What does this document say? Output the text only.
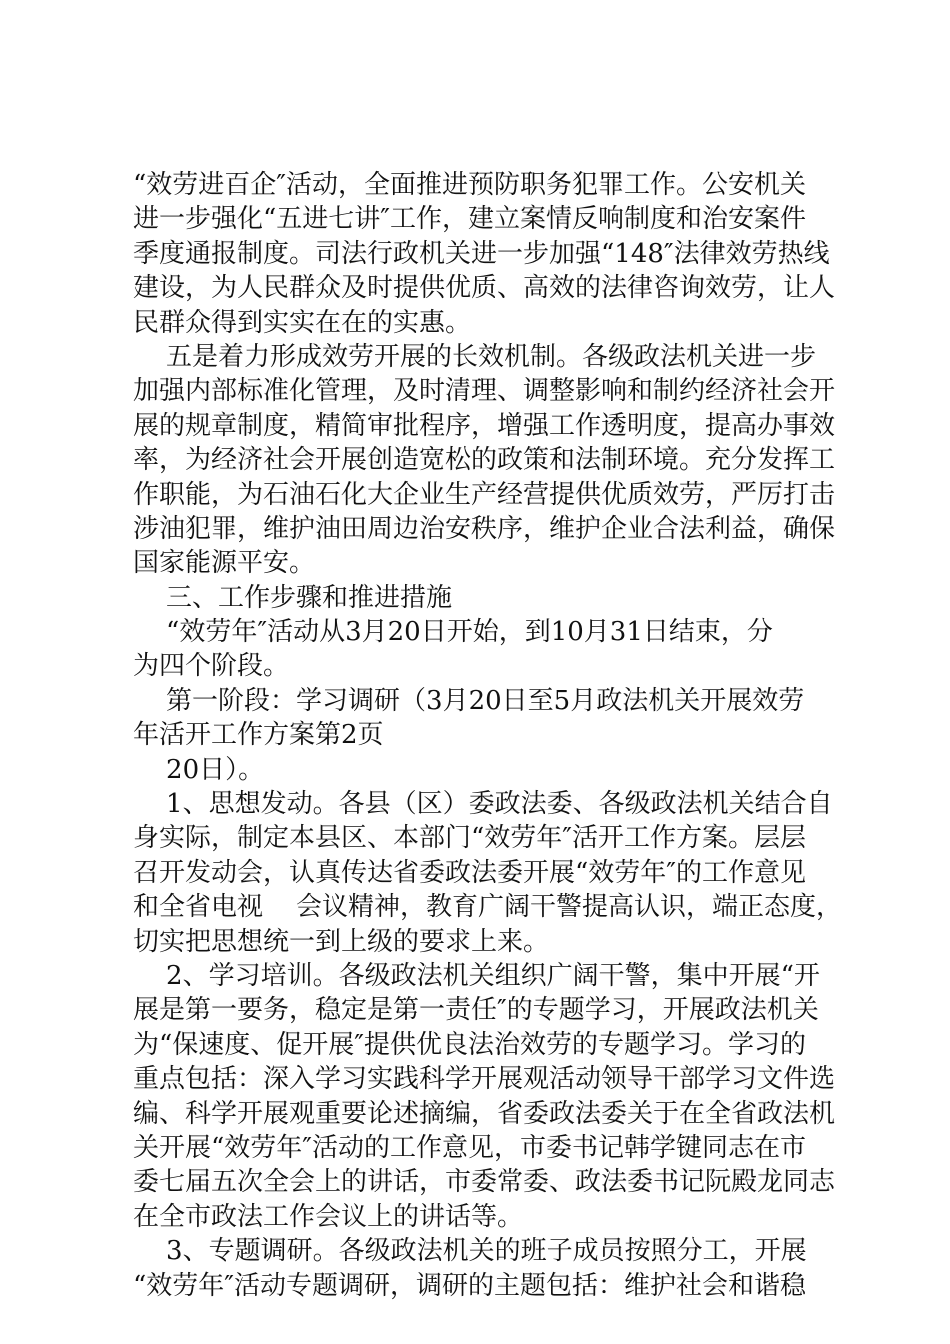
“效劳进百企″活动，全面推进预防职务犯罪工作。公安机关
进一步强化“五进七讲″工作，建立案情反响制度和治安案件
季度通报制度。司法行政机关进一步加强“148″法律效劳热线
建设，为人民群众及时提供优质、高效的法律咨询效劳，让人
民群众得到实实在在的实惠。
五是着力形成效劳开展的长效机制。各级政法机关进一步
加强内部标准化管理，及时清理、调整影响和制约经济社会开
展的规章制度，精简审批程序，增强工作透明度，提高办事效
率，为经济社会开展创造宽松的政策和法制环境。充分发挥工
作职能，为石油石化大企业生产经营提供优质效劳，严厉打击
涉油犯罪，维护油田周边治安秩序，维护企业合法利益，确保
国家能源平安。
三、工作步骤和推进措施
“效劳年″活动从3月20日开始，到10月31日结束，分
为四个阶段。
第一阶段：学习调研（3月20日至5月政法机关开展效劳
年活开工作方案第2页
20日）。
1、思想发动。各县（区）委政法委、各级政法机关结合自
身实际，制定本县区、本部门“效劳年″活开工作方案。层层
召开发动会，认真传达省委政法委开展“效劳年″的工作意见
和全省电视    会议精神，教育广阔干警提高认识，端正态度，
切实把思想统一到上级的要求上来。
2、学习培训。各级政法机关组织广阔干警，集中开展“开
展是第一要务，稳定是第一责任″的专题学习，开展政法机关
为“保速度、促开展″提供优良法治效劳的专题学习。学习的
重点包括：深入学习实践科学开展观活动领导干部学习文件选
编、科学开展观重要论述摘编，省委政法委关于在全省政法机
关开展“效劳年″活动的工作意见，市委书记韩学键同志在市
委七届五次全会上的讲话，市委常委、政法委书记阮殿龙同志
在全市政法工作会议上的讲话等。
3、专题调研。各级政法机关的班子成员按照分工，开展
“效劳年″活动专题调研，调研的主题包括：维护社会和谐稳
